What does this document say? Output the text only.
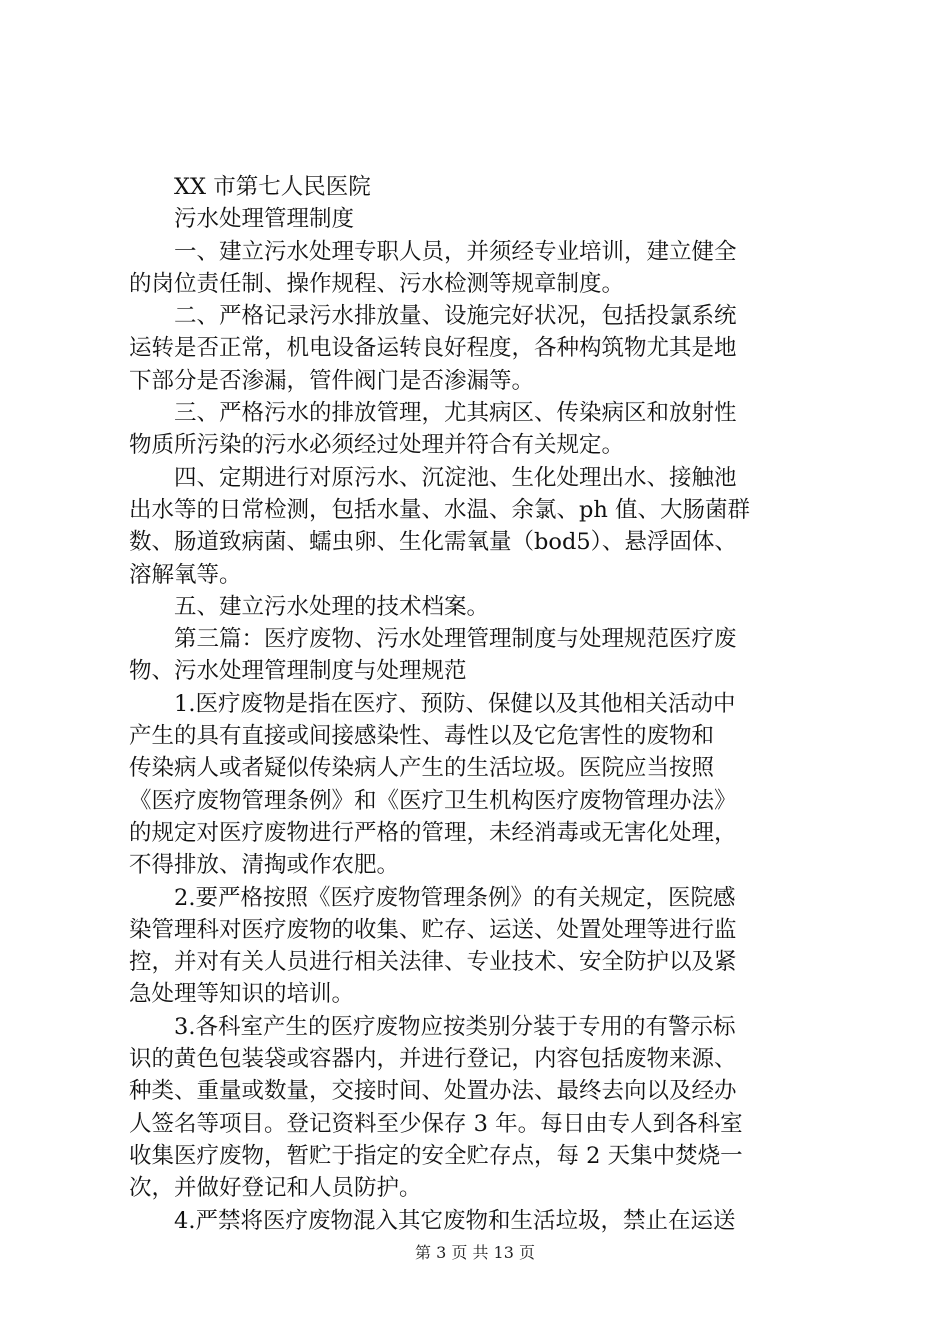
XX 市第七人民医院
污水处理管理制度
一、建立污水处理专职人员，并须经专业培训，建立健全
的岗位责任制、操作规程、污水检测等规章制度。
二、严格记录污水排放量、设施完好状况，包括投氯系统
运转是否正常，机电设备运转良好程度，各种构筑物尤其是地
下部分是否渗漏，管件阀门是否渗漏等。
三、严格污水的排放管理，尤其病区、传染病区和放射性
物质所污染的污水必须经过处理并符合有关规定。
四、定期进行对原污水、沉淀池、生化处理出水、接触池
出水等的日常检测，包括水量、水温、余氯、ph 值、大肠菌群
数、肠道致病菌、蠕虫卵、生化需氧量（bod5）、悬浮固体、
溶解氧等。
五、建立污水处理的技术档案。
第三篇：医疗废物、污水处理管理制度与处理规范医疗废
物、污水处理管理制度与处理规范
1.医疗废物是指在医疗、预防、保健以及其他相关活动中
产生的具有直接或间接感染性、毒性以及它危害性的废物和
传染病人或者疑似传染病人产生的生活垃圾。医院应当按照
《医疗废物管理条例》和《医疗卫生机构医疗废物管理办法》
的规定对医疗废物进行严格的管理，未经消毒或无害化处理，
不得排放、清掏或作农肥。
2.要严格按照《医疗废物管理条例》的有关规定，医院感
染管理科对医疗废物的收集、贮存、运送、处置处理等进行监
控，并对有关人员进行相关法律、专业技术、安全防护以及紧
急处理等知识的培训。
3.各科室产生的医疗废物应按类别分装于专用的有警示标
识的黄色包装袋或容器内，并进行登记，内容包括废物来源、
种类、重量或数量，交接时间、处置办法、最终去向以及经办
人签名等项目。登记资料至少保存 3 年。每日由专人到各科室
收集医疗废物，暂贮于指定的安全贮存点，每 2 天集中焚烧一
次，并做好登记和人员防护。
4.严禁将医疗废物混入其它废物和生活垃圾，禁止在运送
第 3 页 共 13 页
